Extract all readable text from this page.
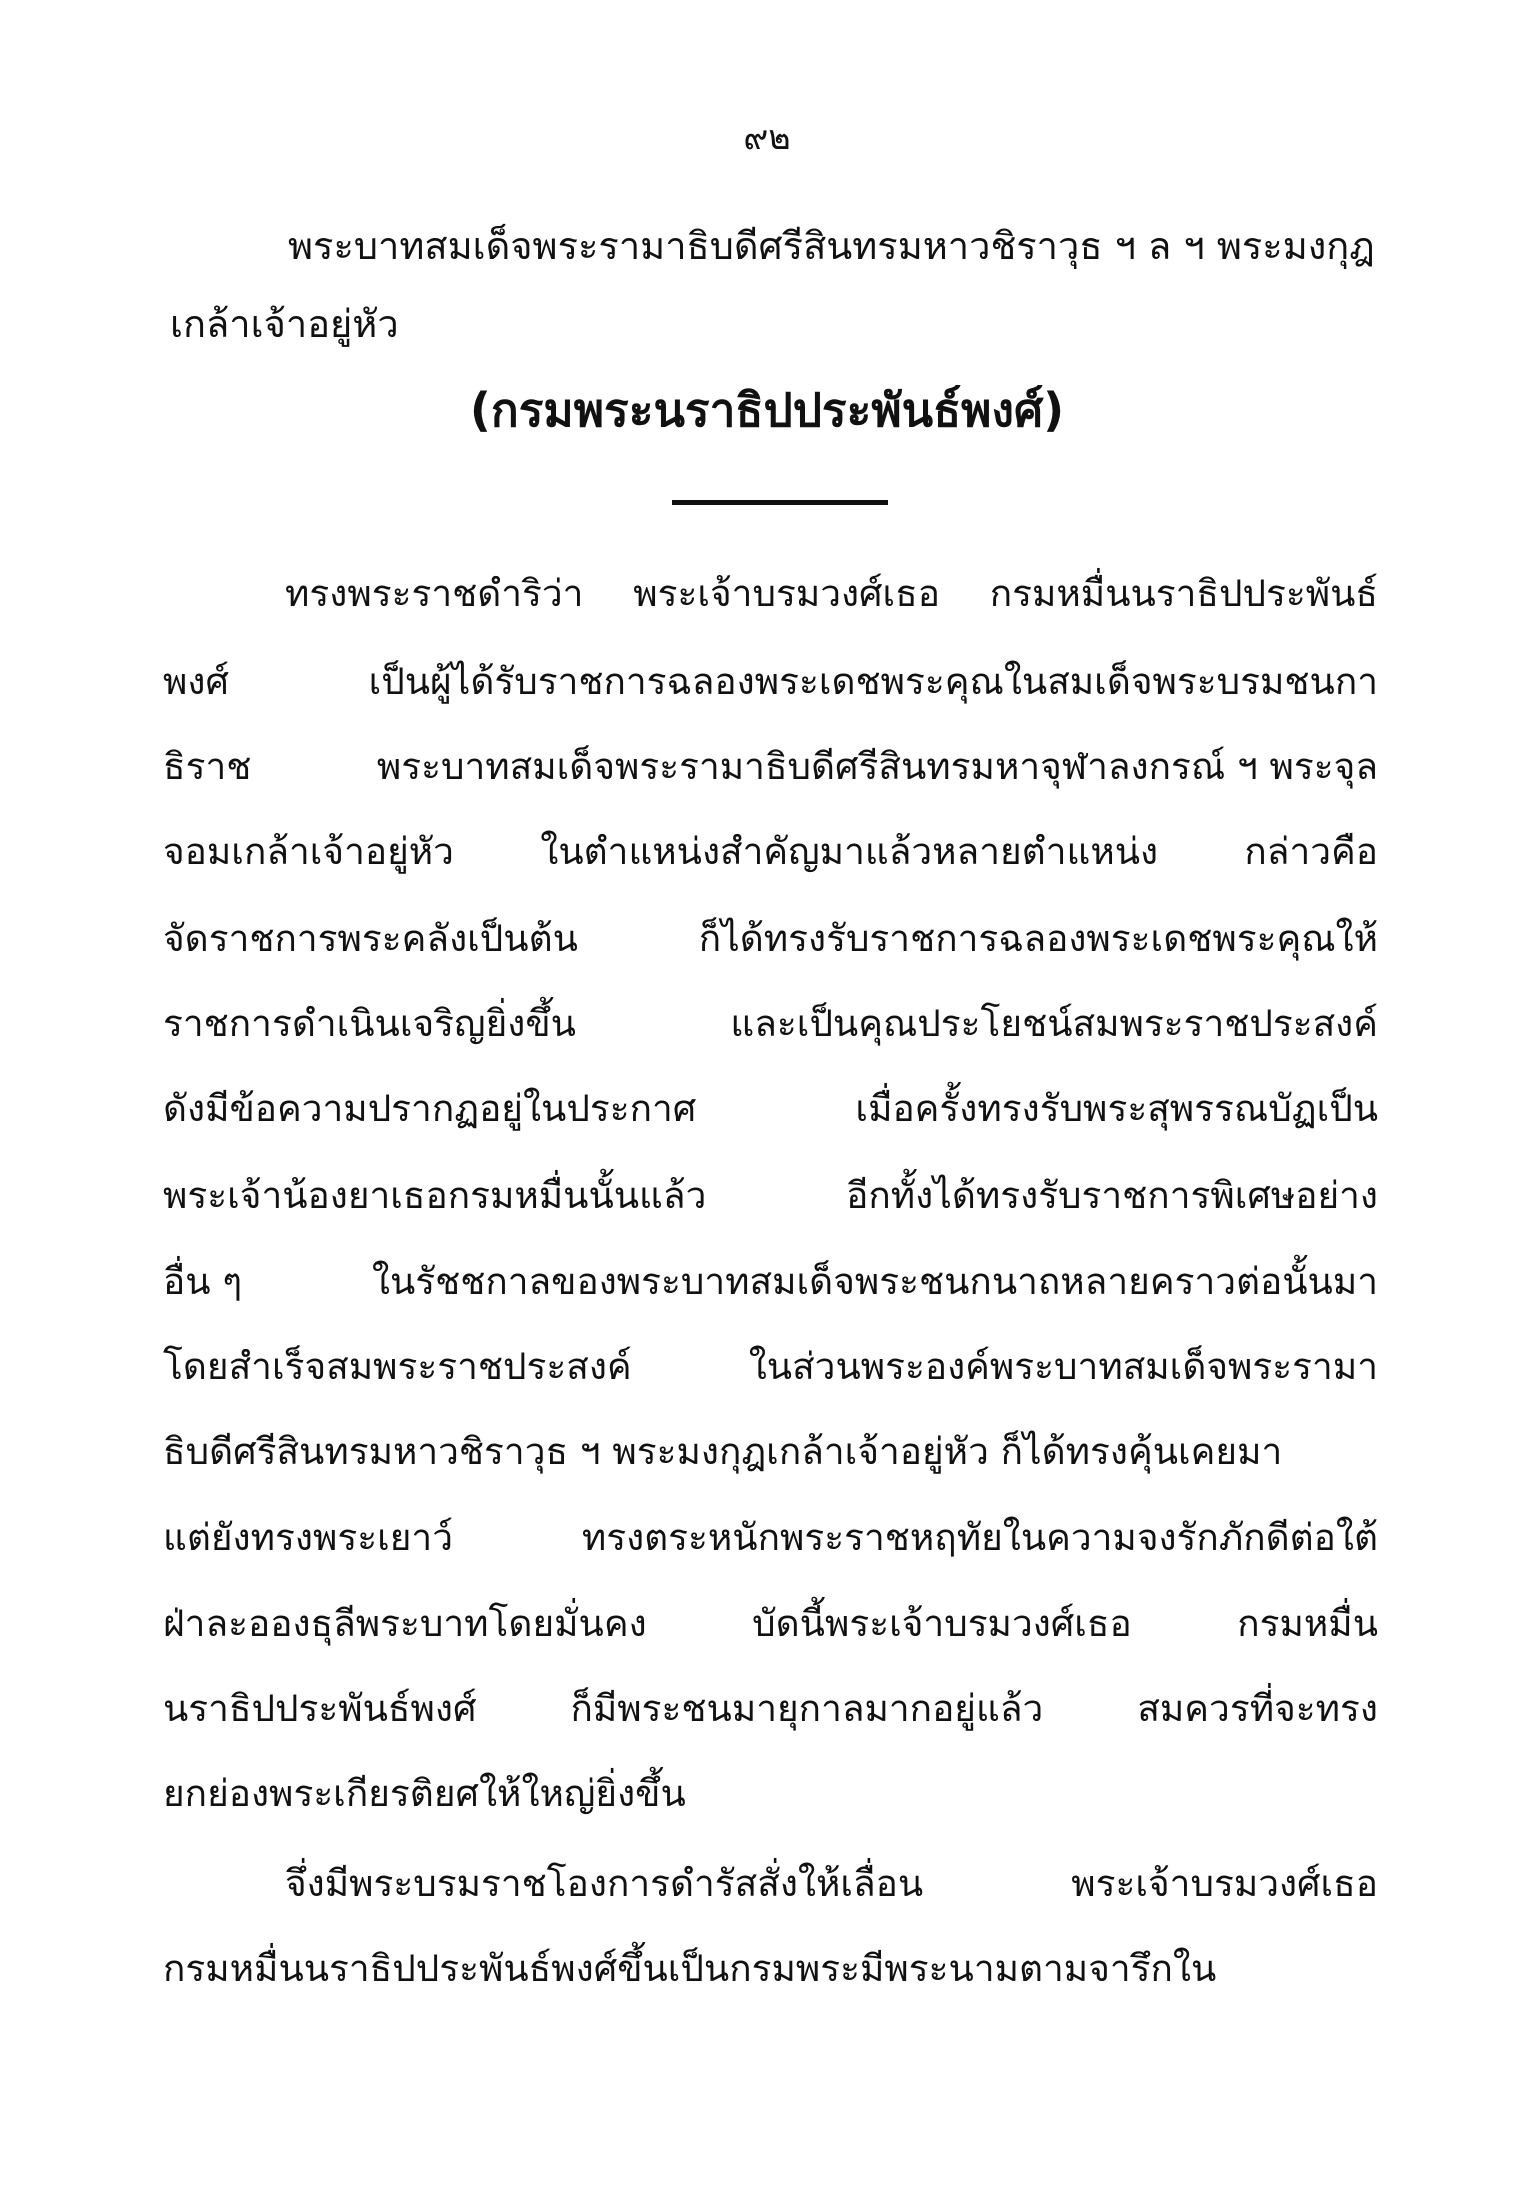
๙๒
พระบาทสมเด็จพระรามาธิบดีศรีสินทรมหาวชิราวุธ ฯ ล ฯ พระมงกุฎ
เกล้าเจ้าอยู่หัว
(กรมพระนราธิปประพันธ์พงศ์)
ทรงพระราชดำริว่า พระเจ้าบรมวงศ์เธอ กรมหมื่นนราธิปประพันธ์
พงศ์	เป็นผู้ได้รับราชการฉลองพระเดชพระคุณในสมเด็จพระบรมชนกา
ธิราช	พระบาทสมเด็จพระรามาธิบดีศรีสินทรมหาจุฬาลงกรณ์ ฯ พระจุล
จอมเกล้าเจ้าอยู่หัว ในตำแหน่งสำคัญมาแล้วหลายตำแหน่ง กล่าวคือ
จัดราชการพระคลังเป็นต้น	ก็ได้ทรงรับราชการฉลองพระเดชพระคุณให้
ราชการดำเนินเจริญยิ่งขึ้น	และเป็นคุณประโยชน์สมพระราชประสงค์
ดังมีข้อความปรากฏอยู่ในประกาศ	เมื่อครั้งทรงรับพระสุพรรณบัฏเป็น
พระเจ้าน้องยาเธอกรมหมื่นนั้นแล้ว	อีกทั้งได้ทรงรับราชการพิเศษอย่าง
อื่น ๆ	ในรัชชกาลของพระบาทสมเด็จพระชนกนาถหลายคราวต่อนั้นมา
โดยสำเร็จสมพระราชประสงค์	ในส่วนพระองค์พระบาทสมเด็จพระรามา
ธิบดีศรีสินทรมหาวชิราวุธ ฯ พระมงกุฎเกล้าเจ้าอยู่หัว ก็ได้ทรงคุ้นเคยมา
แต่ยังทรงพระเยาว์	ทรงตระหนักพระราชหฤทัยในความจงรักภักดีต่อใต้
ฝ่าละอองธุลีพระบาทโดยมั่นคง	บัดนี้พระเจ้าบรมวงศ์เธอ	กรมหมื่น
นราธิปประพันธ์พงศ์	ก็มีพระชนมายุกาลมากอยู่แล้ว	สมควรที่จะทรง
ยกย่องพระเกียรติยศให้ใหญ่ยิ่งขึ้น
จึ่งมีพระบรมราชโองการดำรัสสั่งให้เลื่อน	พระเจ้าบรมวงศ์เธอ
กรมหมื่นนราธิปประพันธ์พงศ์ ขึ้นเป็นกรมพระ มีพระนามตามจารึกใน
